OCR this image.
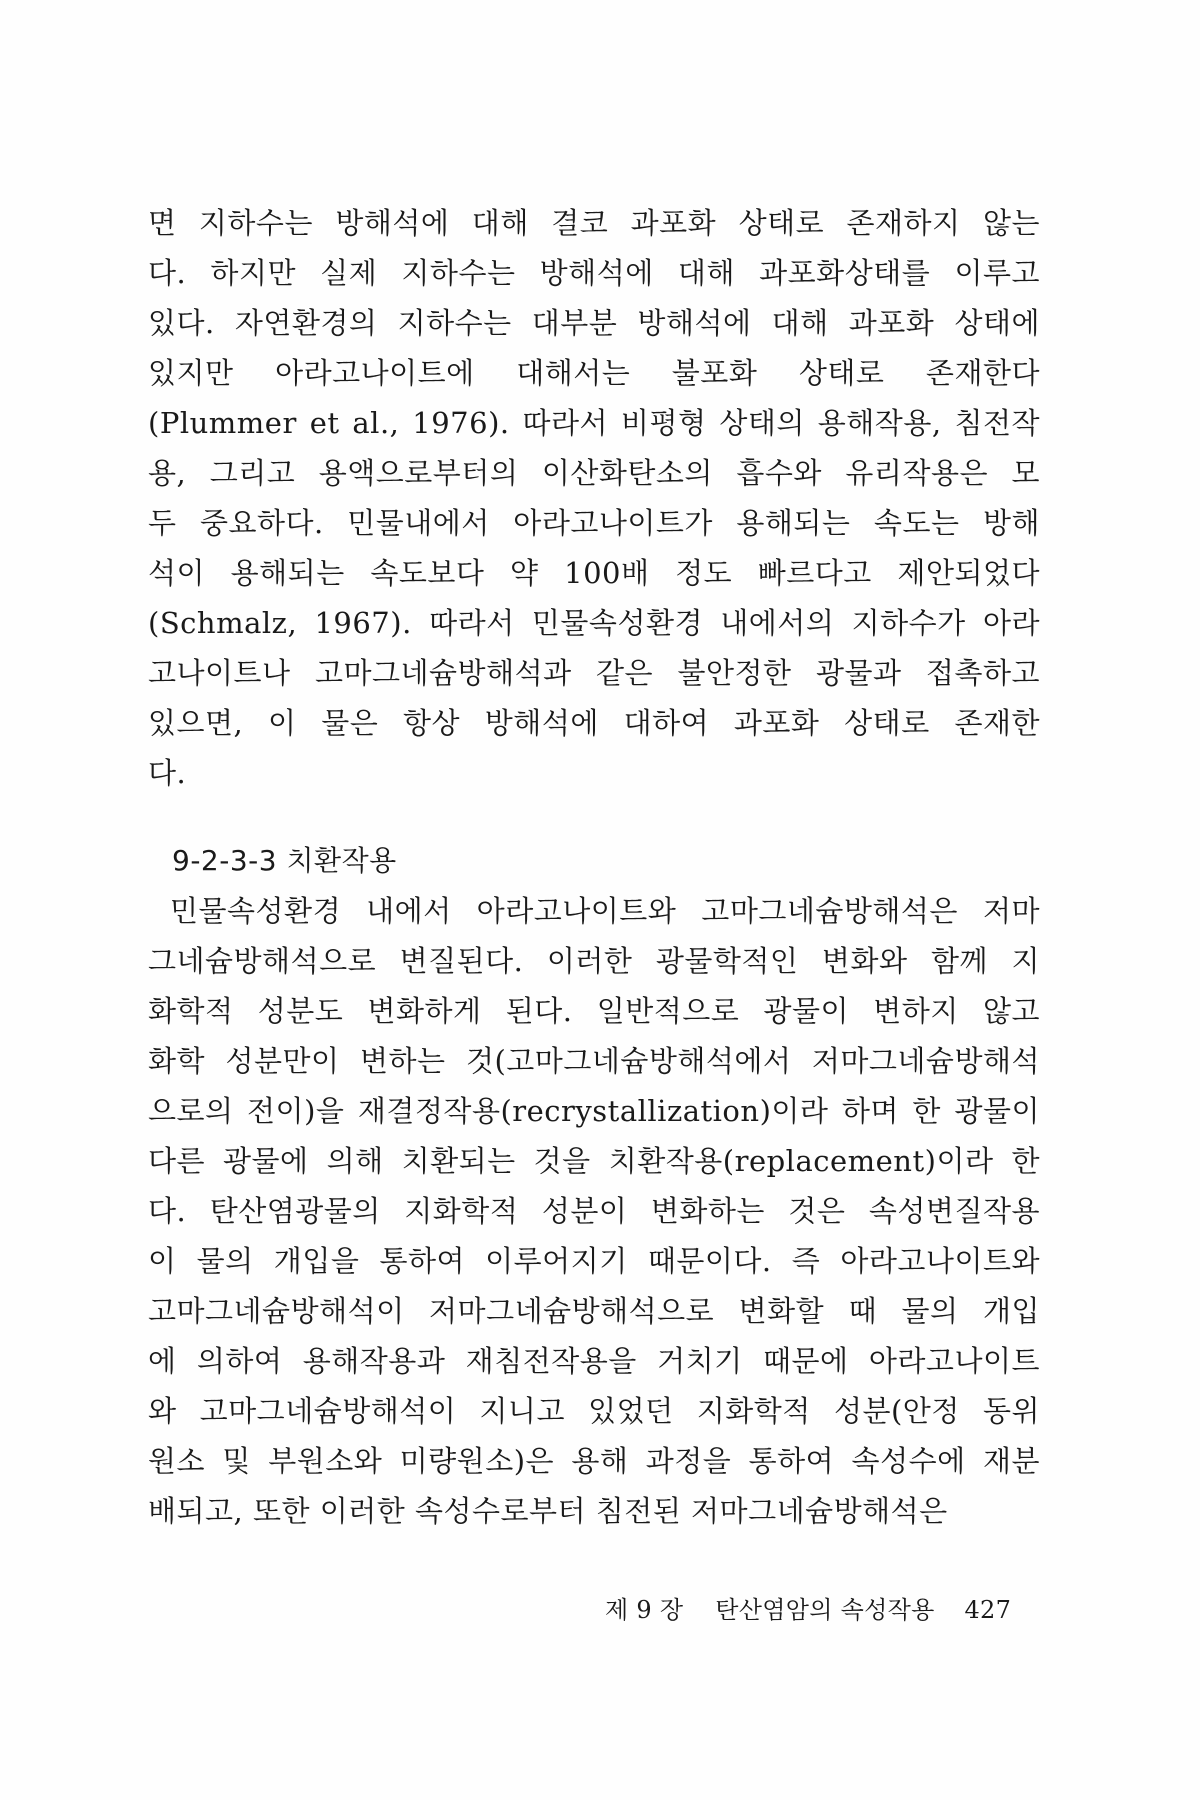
면 지하수는 방해석에 대해 결코 과포화 상태로 존재하지 않는
다. 하지만 실제 지하수는 방해석에 대해 과포화상태를 이루고
있다. 자연환경의 지하수는 대부분 방해석에 대해 과포화 상태에
있지만 아라고나이트에 대해서는 불포화 상태로 존재한다
(Plummer et al., 1976). 따라서 비평형 상태의 용해작용, 침전작
용, 그리고 용액으로부터의 이산화탄소의 흡수와 유리작용은 모
두 중요하다. 민물내에서 아라고나이트가 용해되는 속도는 방해
석이 용해되는 속도보다 약 100배 정도 빠르다고 제안되었다
(Schmalz, 1967). 따라서 민물속성환경 내에서의 지하수가 아라
고나이트나 고마그네슘방해석과 같은 불안정한 광물과 접촉하고
있으면, 이 물은 항상 방해석에 대하여 과포화 상태로 존재한
다.
9-2-3-3 치환작용
민물속성환경 내에서 아라고나이트와 고마그네슘방해석은 저마
그네슘방해석으로 변질된다. 이러한 광물학적인 변화와 함께 지
화학적 성분도 변화하게 된다. 일반적으로 광물이 변하지 않고
화학 성분만이 변하는 것(고마그네슘방해석에서 저마그네슘방해석
으로의 전이)을 재결정작용(recrystallization)이라 하며 한 광물이
다른 광물에 의해 치환되는 것을 치환작용(replacement)이라 한
다. 탄산염광물의 지화학적 성분이 변화하는 것은 속성변질작용
이 물의 개입을 통하여 이루어지기 때문이다. 즉 아라고나이트와
고마그네슘방해석이 저마그네슘방해석으로 변화할 때 물의 개입
에 의하여 용해작용과 재침전작용을 거치기 때문에 아라고나이트
와 고마그네슘방해석이 지니고 있었던 지화학적 성분(안정 동위
원소 및 부원소와 미량원소)은 용해 과정을 통하여 속성수에 재분
배되고, 또한 이러한 속성수로부터 침전된 저마그네슘방해석은
제 9 장 탄산염암의 속성작용 427
